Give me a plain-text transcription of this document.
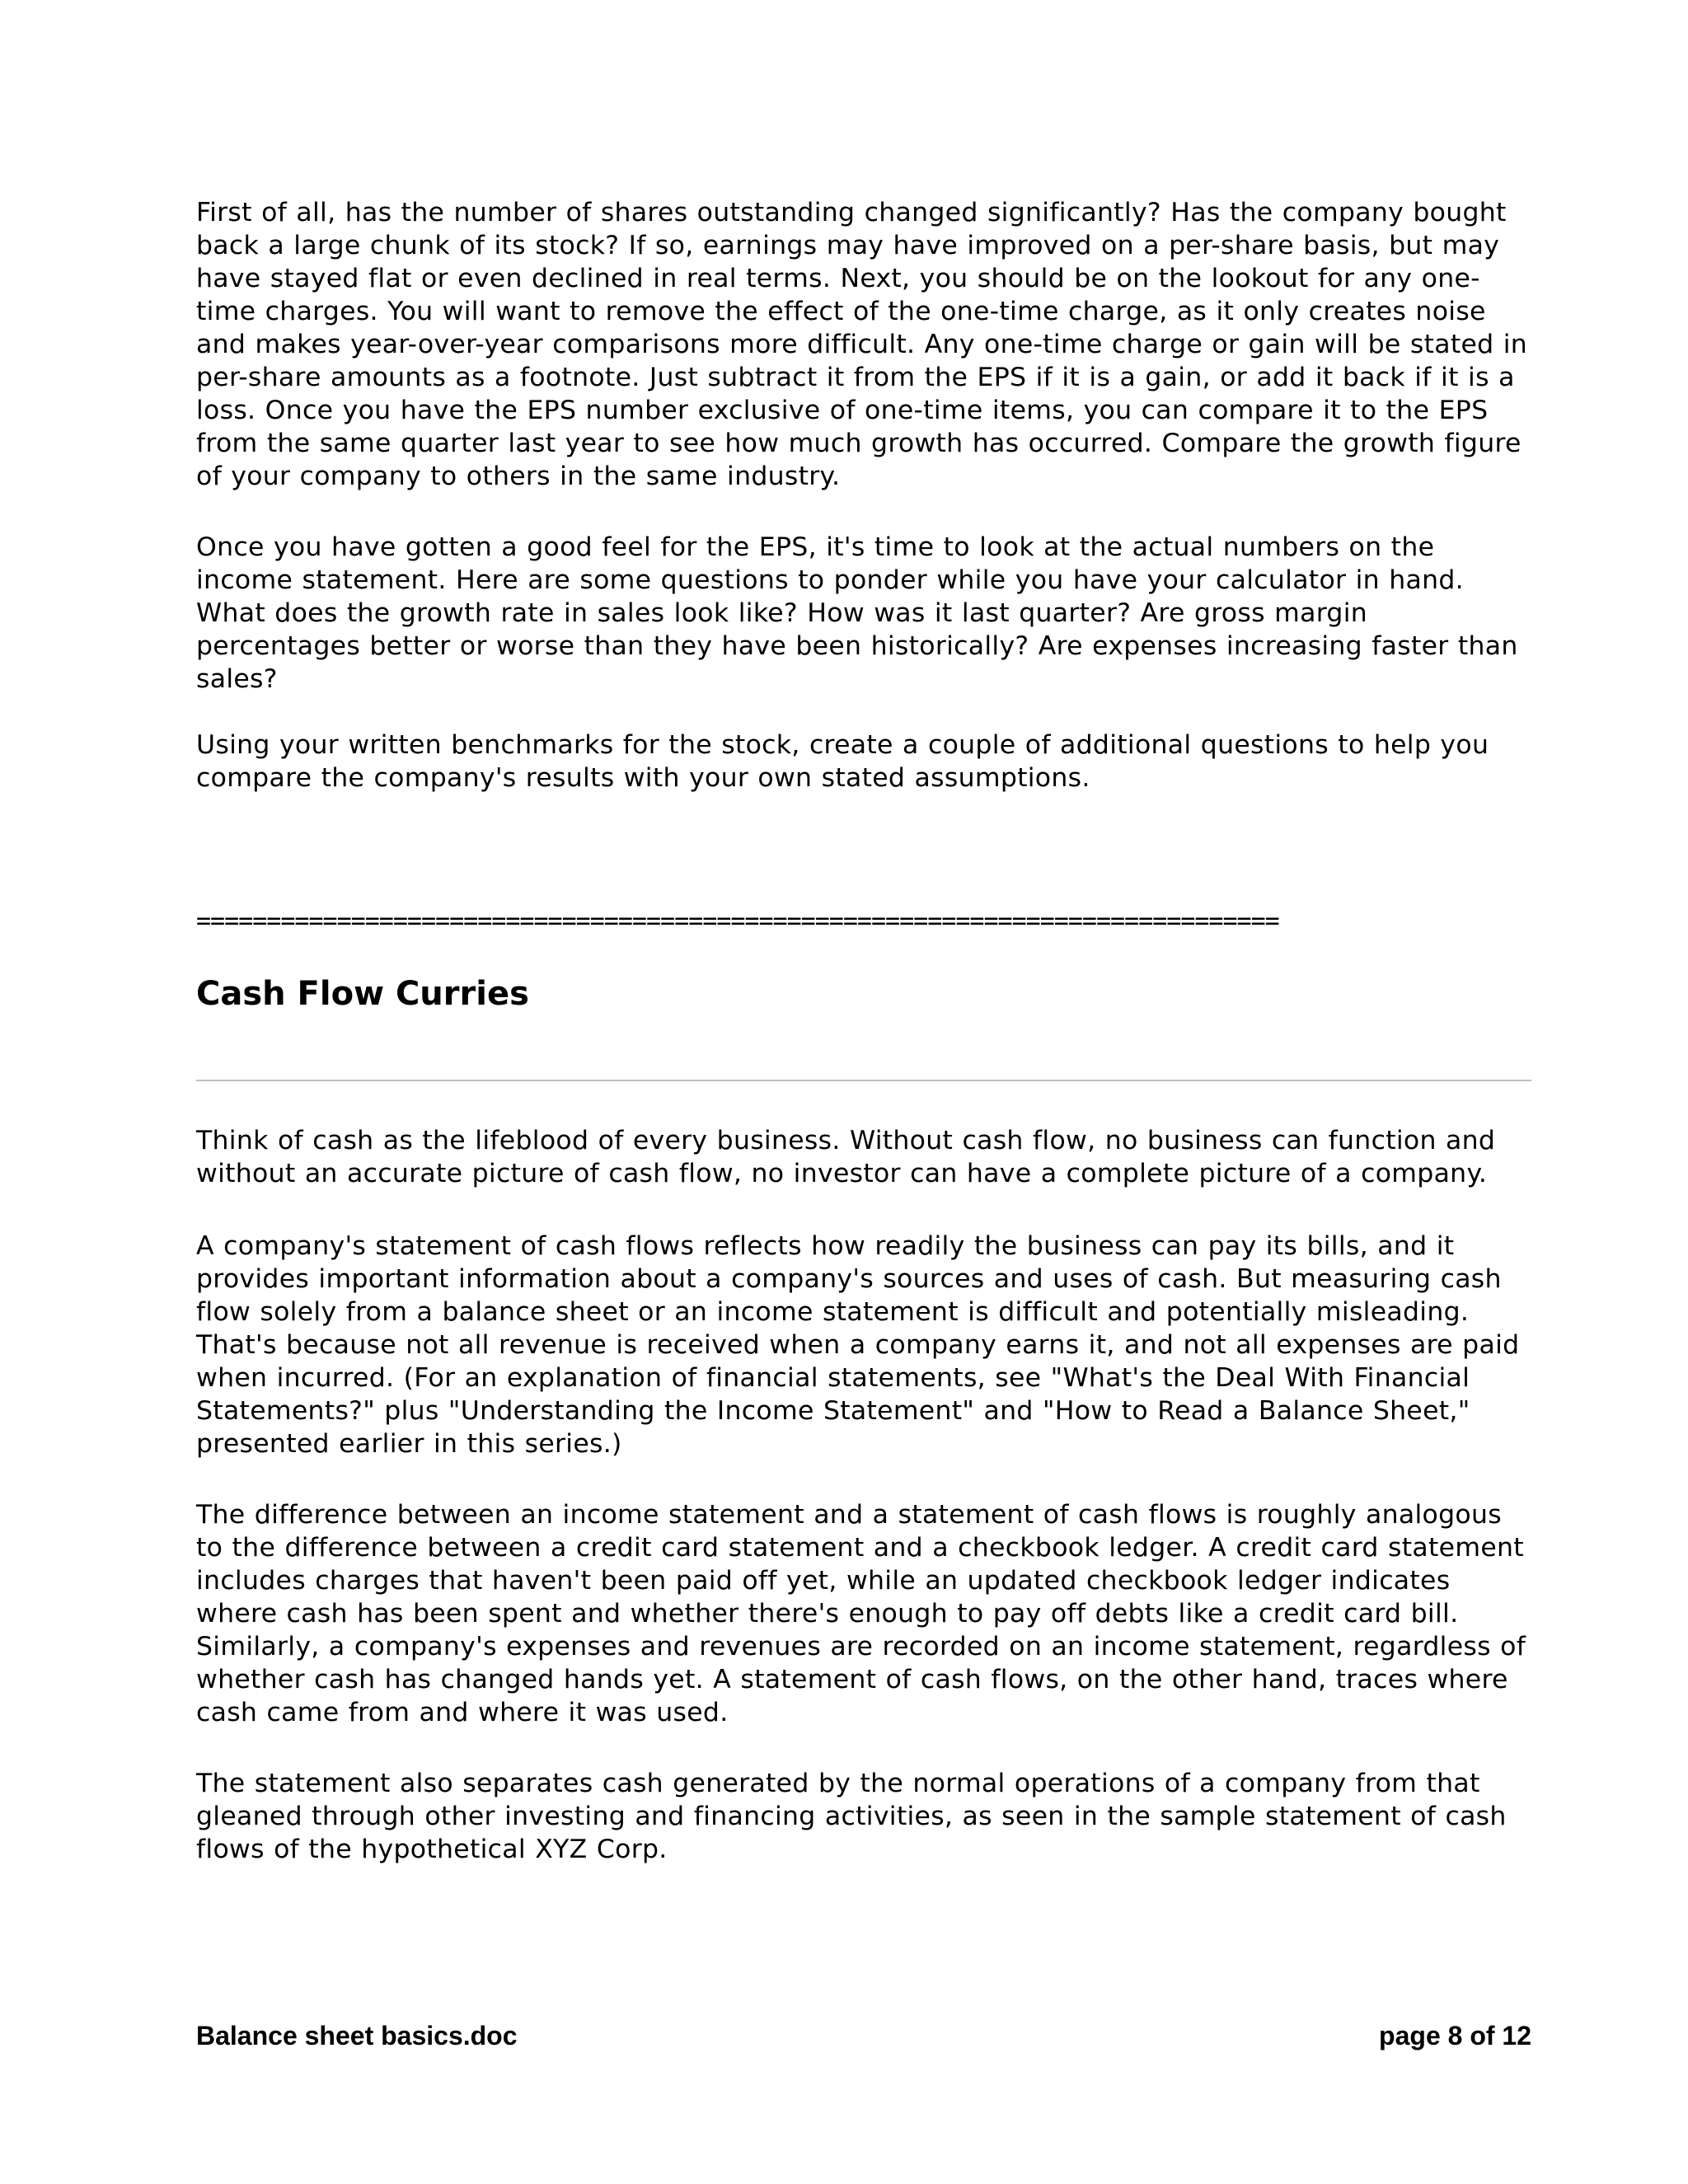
First of all, has the number of shares outstanding changed significantly? Has the company bought back a large chunk of its stock? If so, earnings may have improved on a per-share basis, but may have stayed flat or even declined in real terms. Next, you should be on the lookout for any one-time charges. You will want to remove the effect of the one-time charge, as it only creates noise and makes year-over-year comparisons more difficult. Any one-time charge or gain will be stated in per-share amounts as a footnote. Just subtract it from the EPS if it is a gain, or add it back if it is a loss. Once you have the EPS number exclusive of one-time items, you can compare it to the EPS from the same quarter last year to see how much growth has occurred. Compare the growth figure of your company to others in the same industry.

Once you have gotten a good feel for the EPS, it's time to look at the actual numbers on the income statement. Here are some questions to ponder while you have your calculator in hand. What does the growth rate in sales look like? How was it last quarter? Are gross margin percentages better or worse than they have been historically? Are expenses increasing faster than sales?

Using your written benchmarks for the stock, create a couple of additional questions to help you compare the company's results with your own stated assumptions.

=============================================================================
Cash Flow Curries

Think of cash as the lifeblood of every business. Without cash flow, no business can function and without an accurate picture of cash flow, no investor can have a complete picture of a company.

A company's statement of cash flows reflects how readily the business can pay its bills, and it provides important information about a company's sources and uses of cash. But measuring cash flow solely from a balance sheet or an income statement is difficult and potentially misleading. That's because not all revenue is received when a company earns it, and not all expenses are paid when incurred. (For an explanation of financial statements, see "What's the Deal With Financial Statements?" plus "Understanding the Income Statement" and "How to Read a Balance Sheet," presented earlier in this series.)

The difference between an income statement and a statement of cash flows is roughly analogous to the difference between a credit card statement and a checkbook ledger. A credit card statement includes charges that haven't been paid off yet, while an updated checkbook ledger indicates where cash has been spent and whether there's enough to pay off debts like a credit card bill. Similarly, a company's expenses and revenues are recorded on an income statement, regardless of whether cash has changed hands yet. A statement of cash flows, on the other hand, traces where cash came from and where it was used.

The statement also separates cash generated by the normal operations of a company from that gleaned through other investing and financing activities, as seen in the sample statement of cash flows of the hypothetical XYZ Corp.

Balance sheet basics.doc	page 8 of 12
